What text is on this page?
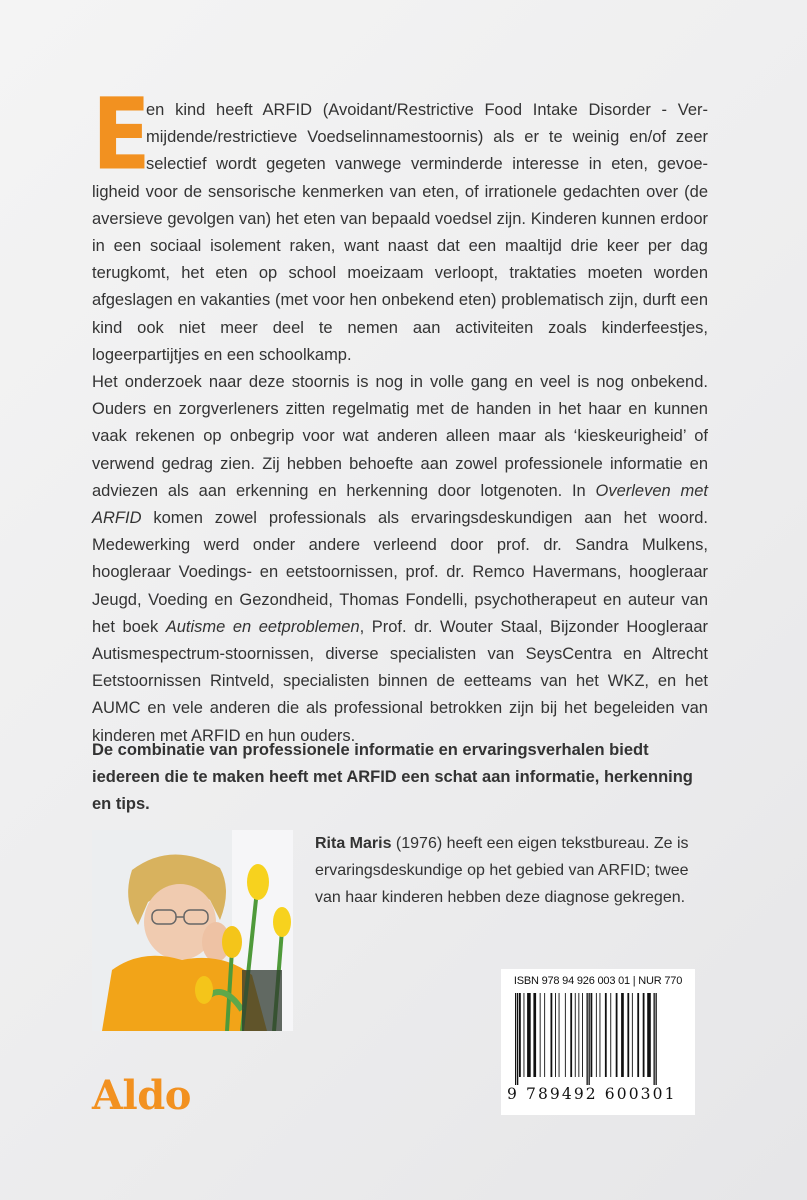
E

en kind heeft ARFID (Avoidant/Restrictive Food Intake Disorder - Vermijdende/restrictieve Voedselinnamestoornis) als er te weinig en/of zeer selectief wordt gegeten vanwege verminderde interesse in eten, gevoeligheid voor de sensorische kenmerken van eten, of irrationele gedachten over (de aversieve gevolgen van) het eten van bepaald voedsel zijn. Kinderen kunnen erdoor in een sociaal isolement raken, want naast dat een maaltijd drie keer per dag terugkomt, het eten op school moeizaam verloopt, traktaties moeten worden afgeslagen en vakanties (met voor hen onbekend eten) problematisch zijn, durft een kind ook niet meer deel te nemen aan activiteiten zoals kinderfeestjes, logeerpartijtjes en een schoolkamp.

Het onderzoek naar deze stoornis is nog in volle gang en veel is nog onbekend. Ouders en zorgverleners zitten regelmatig met de handen in het haar en kunnen vaak rekenen op onbegrip voor wat anderen alleen maar als ‘kieskeurigheid’ of verwend gedrag zien. Zij hebben behoefte aan zowel professionele informatie en adviezen als aan erkenning en herkenning door lotgenoten. In Overleven met ARFID komen zowel professionals als ervaringsdeskundigen aan het woord. Medewerking werd onder andere verleend door prof. dr. Sandra Mulkens, hoogleraar Voedings- en eetstoornissen, prof. dr. Remco Havermans, hoogleraar Jeugd, Voeding en Gezondheid, Thomas Fondelli, psychotherapeut en auteur van het boek Autisme en eetproblemen, Prof. dr. Wouter Staal, Bijzonder Hoogleraar Autismespectrum-stoornissen, diverse specialisten van SeysCentra en Altrecht Eetstoornissen Rintveld, specialisten binnen de eetteams van het WKZ, en het AUMC en vele anderen die als professional betrokken zijn bij het begeleiden van kinderen met ARFID en hun ouders.

De combinatie van professionele informatie en ervaringsverhalen biedt iedereen die te maken heeft met ARFID een schat aan informatie, herkenning en tips.
Rita Maris (1976) heeft een eigen tekstbureau. Ze is ervaringsdeskundige op het gebied van ARFID; twee van haar kinderen hebben deze diagnose gekregen.
ISBN 978 94 926 003 01 | NUR 770
9 789492 600301
Aldo
